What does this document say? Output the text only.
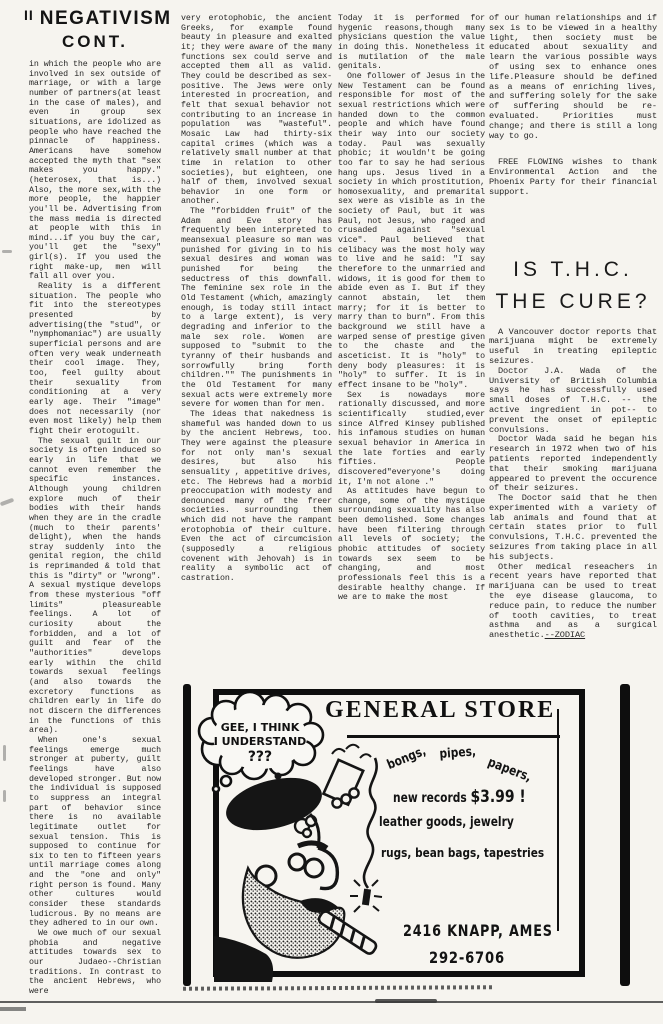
II NEGATIVISM
CONT.

in which the people who are involved in sex outside of marriage, or with a large number of partners(at least in the case of males), and even in group sex situations, are idolized as people who have reached the pinnacle of happiness. Americans have somehow accepted the myth that "sex makes you happy." (heterosex, that is...) Also, the more sex,with the more people, the happier you'll be. Advertising from the mass media is directed at people with this in mind...if you buy the car, you'll get the "sexy" girl(s). If you used the right make-up, men will fall all over you.

Reality is a different situation. The people who fit into the stereotypes presented by advertising(the "stud", or "nymphomaniac") are usually superficial persons and are often very weak underneath their cool image. They, too, feel guilty about their sexuality from conditioning at a very early age. Their "image" does not necessarily (nor even most likely) help them fight their erotoguilt.

The sexual guilt in our society is often induced so early in life that we cannot even remember the specific instances. Although young children explore much of their bodies with their hands when they are in the cradle (much to their parents' delight), when the hands stray suddenly into the genital region, the child is reprimanded & told that this is "dirty" or "wrong". A sexual mystique develops from these mysterious "off limits" pleasureable feelings. A lot of curiosity about the forbidden, and a lot of guilt and fear of the "authorities" develops early within the child towards sexual feelings (and also towards the excretory functions as children early in life do not discern the differences in the functions of this area).

When one's sexual feelings emerge much stronger at puberty, guilt feelings have also developed stronger. But now the individual is supposed to suppress an integral part of behavior since there is no available legitimate outlet for sexual tension. This is supposed to continue for six to ten to fifteen years until marriage comes along and the "one and only" right person is found. Many other cultures would consider these standards ludicrous. By no means are they adhered to in our own.

We owe much of our sexual phobia and negative attitudes towards sex to our Judaeo--Christian traditions. In contrast to the ancient Hebrews, who were

very erotophobic, the ancient Greeks, for example found beauty in pleasure and exalted it; they were aware of the many functions sex could serve and accepted them all as valid. They could be described as sex-positive. The Jews were only interested in procreation, and felt that sexual behavior not contributing to an increase in population was "wasteful". Mosaic Law had thirty-six capital crimes (which was a relatively small number at that time in relation to other societies), but eighteen, one half of them, involved sexual behavior in one form or another.

The "forbidden fruit" of the Adam and Eve story has frequently been interpreted to meansexual pleasure so man was punished for giving in to his sexual desires and woman was punished for being the seductress of this downfall. The feminine sex role in the Old Testament (which, amazingly enough, is today still intact to a large extent), is very degrading and inferior to the male sex role. Women are supposed to "submit to the tyranny of their husbands and sorrowfully bring forth children."" The punishments in the Old Testament for many sexual acts were extremely more severe for women than for men.

The ideas that nakedness is shameful was handed down to us by the ancient Hebrews, too. They were against the pleasure for not only man's sexual desires, but also his sensuality , appetitive drives, etc. The Hebrews had a morbid preoccupation with modesty and denounced many of the freer societies. surrounding them which did not have the rampant erotophobia of their culture. Even the act of circumcision (supposedly a religious covenent with Jehovah) is in reality a symbolic act of castration.

Today it is performed for hygenic reasons,though many physicians question the value in doing this. Nonetheless it is mutilation of the male genitals.

One follower of Jesus in the New Testament can be found responsible for most of the sexual restrictions which were handed down to the common people and which have found their way into our society today. Paul was sexually phobic; it wouldn't be going too far to say he had serious hang ups. Jesus lived in a society in which prostitution, homosexuality, and premarital sex were as visible as in the society of Paul, but it was Paul, not Jesus, who raged and crusaded against "sexual vice". Paul believed that celibacy was the most holy way to live and he said: "I say therefore to the unmarried and widows, it is good for them to abide even as I. But if they cannot abstain, let them marry; for it is better to marry than to burn". From this background we still have a warped sense of prestige given to the chaste and the asceticist. It is "holy" to deny body pleasures: it is "holy" to suffer. It is in effect insane to be "holy".

Sex is nowadays more rationally discussed, and more scientifically studied,ever since Alfred Kinsey published his infamous studies on human sexual behavior in America in the late forties and early fifties. People discovered"everyone's doing it, I'm not alone ."

As attitudes have begun to change, some of the mystique surrounding sexuality has also been demolished. Some changes have been filtering through all levels of society; the phobic attitudes of society towards sex seem to be changing, and most professionals feel this is a desirable healthy change. If we are to make the most

of our human relationships and if sex is to be viewed in a healthy light, then society must be educated about sexuality and learn the various possible ways of using sex to enhance ones life.Pleasure should be defined as a means of enriching lives, and suffering solely for the sake of suffering should be re-evaluated. Priorities must change; and there is still a long way to go.

FREE FLOWING wishes to thank Environmental Action and the Phoenix Party for their financial support.

IS T.H.C.
THE CURE?

A Vancouver doctor reports that marijuana might be extremely useful in treating epileptic seizures.

Doctor J.A. Wada of the University of British Columbia says he has successfully used small doses of T.H.C. -- the active ingredient in pot-- to prevent the onset of epileptic convulsions.

Doctor Wada said he began his research in 1972 when two of his patients reported independently that their smoking marijuana appeared to prevent the occurence of their seizures.

The Doctor said that he then experimented with a variety of lab animals and found that at certain states prior to full convulsions, T.H.C. prevented the seizures from taking place in all his subjects.

Other medical reseachers in recent years have reported that marijuana can be used to treat the eye disease glaucoma, to reduce pain, to reduce the number of tooth cavities, to treat asthma and as a surgical anesthetic.--ZODIAC

GENERAL STORE
bongs, pipes,
papers,
new records $3.99 !
leather goods, jewelry
rugs, bean bags, tapestries
2416 KNAPP, AMES
292-6706
GEE, I THINK
I UNDERSTAND
???
